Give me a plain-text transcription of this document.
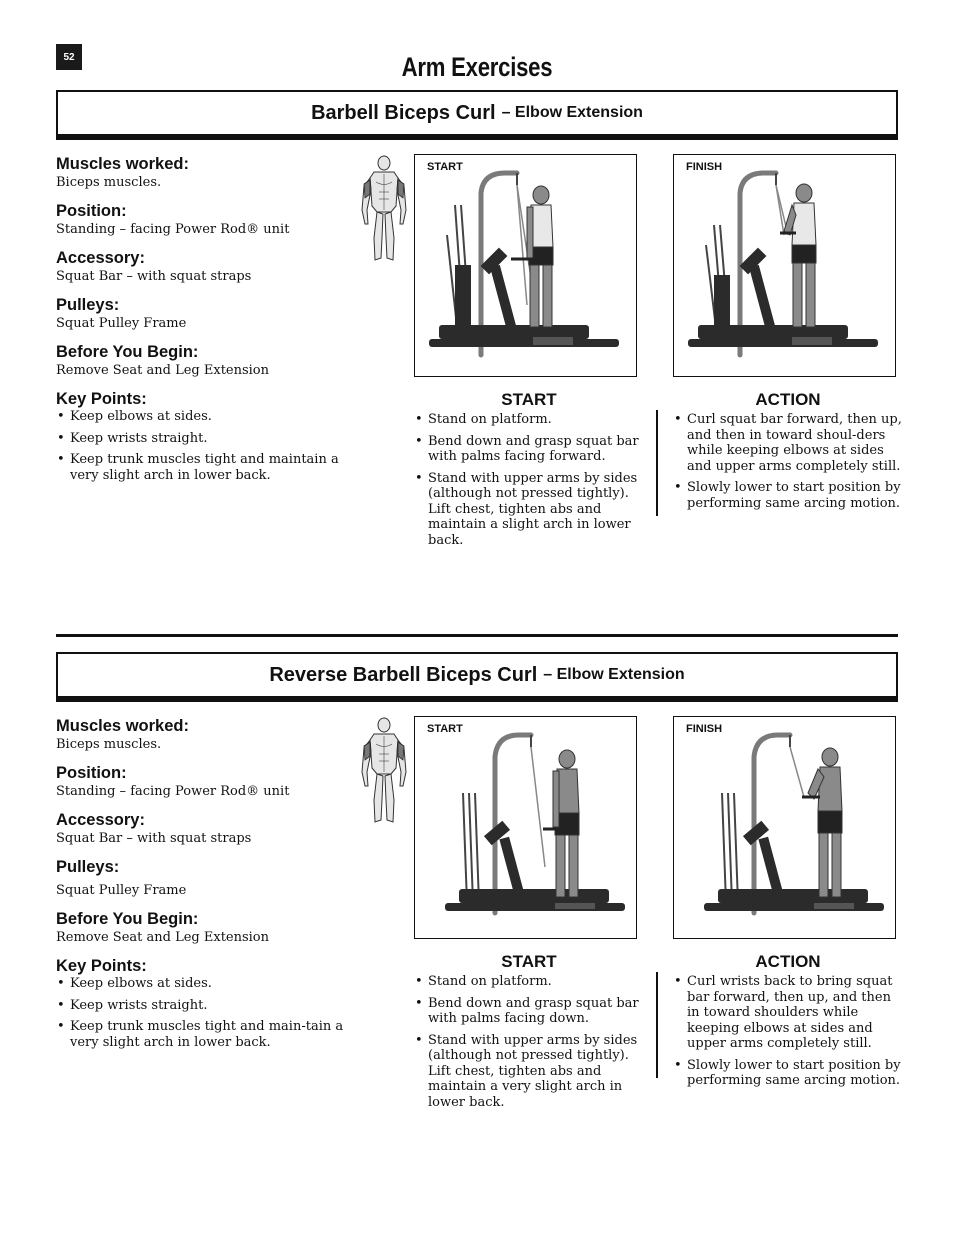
52	Arm Exercises
Barbell Biceps Curl – Elbow Extension
Muscles worked:

Biceps muscles.

Position:

Standing – facing Power Rod® unit

Accessory:

Squat Bar – with squat straps

Pulleys:

Squat Pulley Frame

Before You Begin:

Remove Seat and Leg Extension

Key Points:
• Keep elbows at sides.
• Keep wrists straight.
• Keep trunk muscles tight and maintain a very slight arch in lower back.
START	FINISH
START
• Stand on platform.
• Bend down and grasp squat bar with palms facing forward.
• Stand with upper arms by sides (although not pressed tightly). Lift chest, tighten abs and maintain a slight arch in lower back.
ACTION
• Curl squat bar forward, then up, and then in toward shoul-ders while keeping elbows at sides and upper arms completely still.
• Slowly lower to start position by performing same arcing motion.
Reverse Barbell Biceps Curl – Elbow Extension
Muscles worked:

Biceps muscles.

Position:

Standing – facing Power Rod® unit

Accessory:

Squat Bar – with squat straps

Pulleys:

Squat Pulley Frame

Before You Begin:

Remove Seat and Leg Extension

Key Points:
• Keep elbows at sides.
• Keep wrists straight.
• Keep trunk muscles tight and main-tain a very slight arch in lower back.
START	FINISH
START
• Stand on platform.
• Bend down and grasp squat bar with palms facing down.
• Stand with upper arms by sides (although not pressed tightly). Lift chest, tighten abs and maintain a very slight arch in lower back.
ACTION
• Curl wrists back to bring squat bar forward, then up, and then in toward shoulders while keeping elbows at sides and upper arms completely still.
• Slowly lower to start position by performing same arcing motion.
